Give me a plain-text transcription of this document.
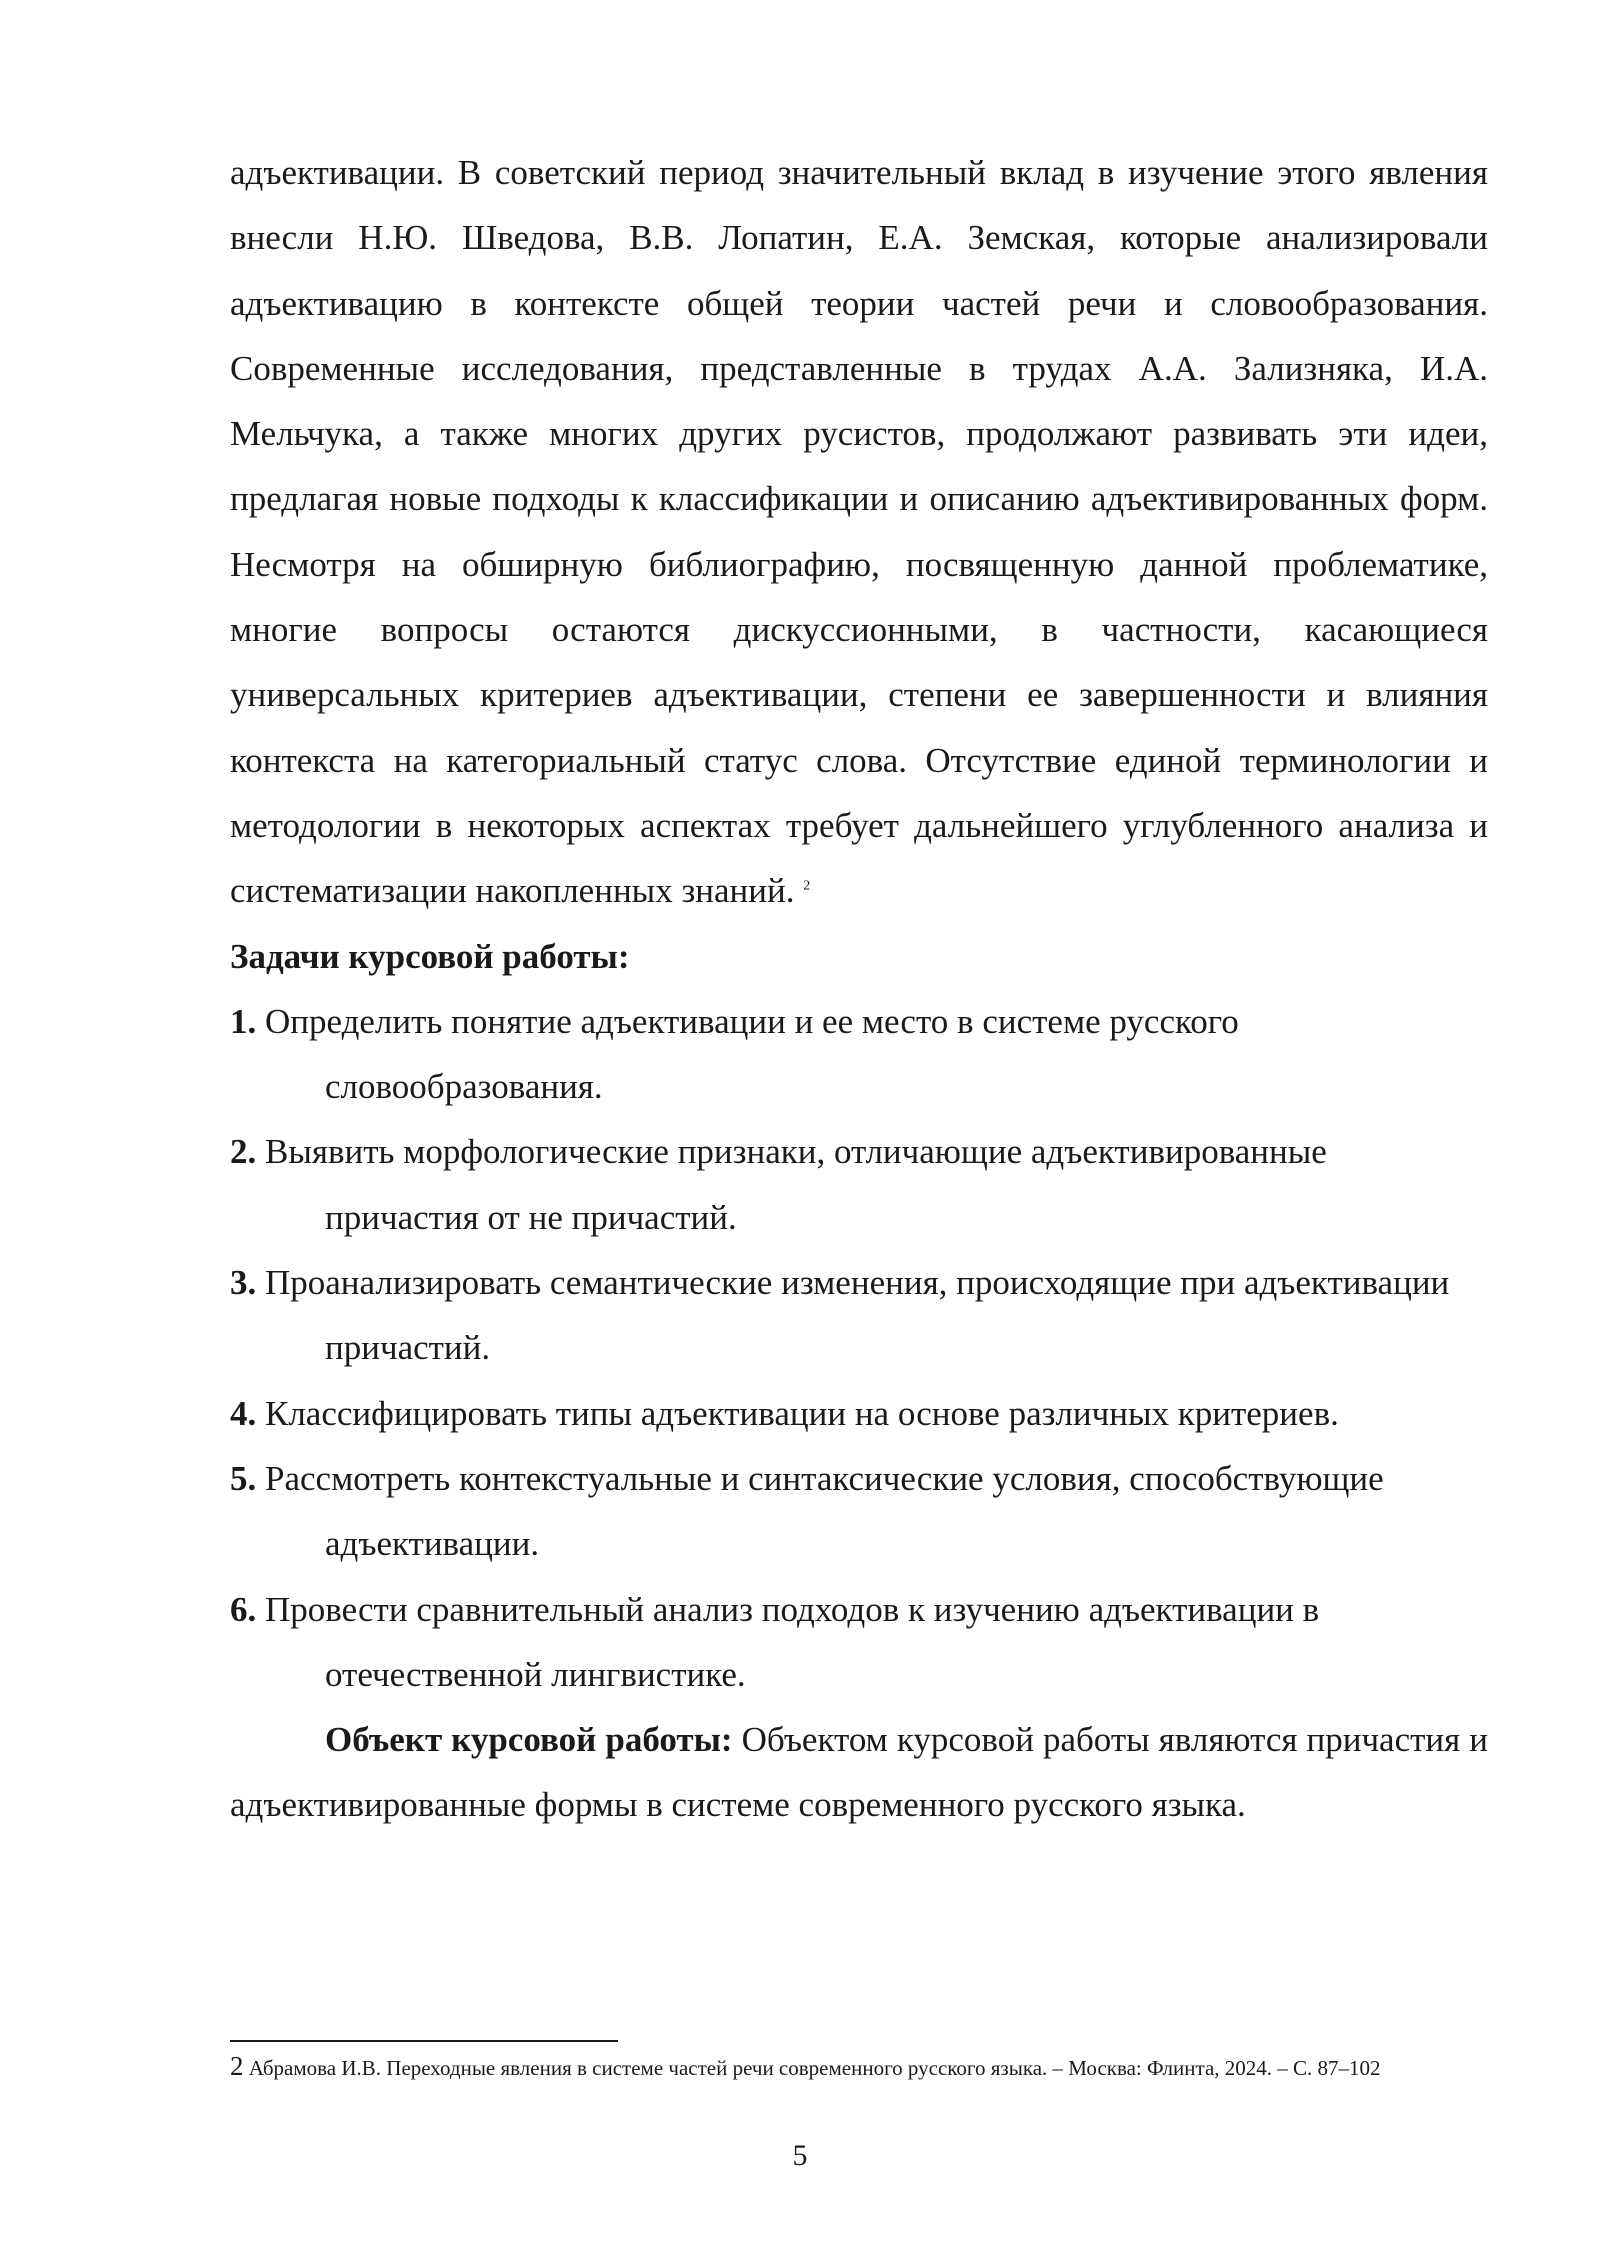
адъективации. В советский период значительный вклад в изучение этого явления внесли Н.Ю. Шведова, В.В. Лопатин, Е.А. Земская, которые анализировали адъективацию в контексте общей теории частей речи и словообразования. Современные исследования, представленные в трудах А.А. Зализняка, И.А. Мельчука, а также многих других русистов, продолжают развивать эти идеи, предлагая новые подходы к классификации и описанию адъективированных форм. Несмотря на обширную библиографию, посвященную данной проблематике, многие вопросы остаются дискуссионными, в частности, касающиеся универсальных критериев адъективации, степени ее завершенности и влияния контекста на категориальный статус слова. Отсутствие единой терминологии и методологии в некоторых аспектах требует дальнейшего углубленного анализа и систематизации накопленных знаний. $^2$

Задачи курсовой работы:

1. Определить понятие адъективации и ее место в системе русского словообразования.
2. Выявить морфологические признаки, отличающие адъективированные причастия от не причастий.
3. Проанализировать семантические изменения, происходящие при адъективации причастий.
4. Классифицировать типы адъективации на основе различных критериев.
5. Рассмотреть контекстуальные и синтаксические условия, способствующие адъективации.
6. Провести сравнительный анализ подходов к изучению адъективации в отечественной лингвистике.

Объект курсовой работы: Объектом курсовой работы являются причастия и адъективированные формы в системе современного русского языка.

2 Абрамова И.В. Переходные явления в системе частей речи современного русского языка. – Москва: Флинта, 2024. – С. 87–102

5
